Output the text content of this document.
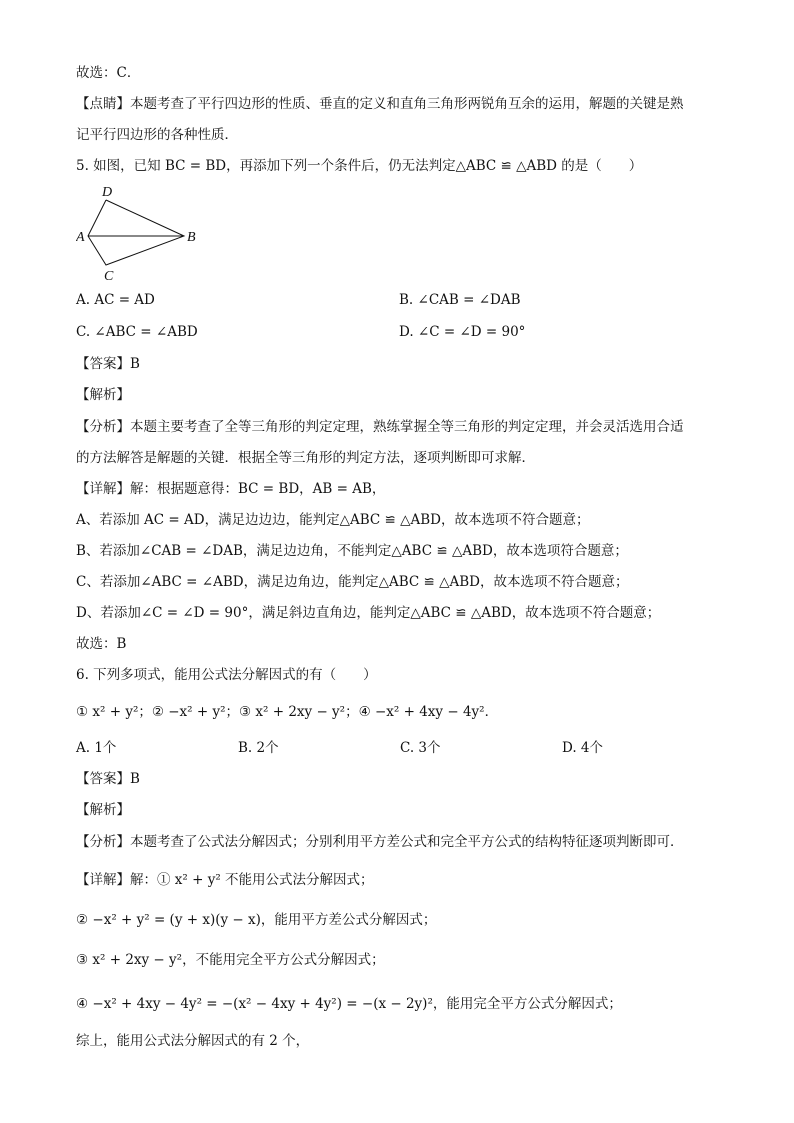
故选：C．
【点睛】本题考查了平行四边形的性质、垂直的定义和直角三角形两锐角互余的运用，解题的关键是熟
记平行四边形的各种性质．
5. 如图，已知 BC = BD，再添加下列一个条件后，仍无法判定△ABC ≌ △ABD 的是（　　）
D
A	B
C
A. AC = AD	B. ∠CAB = ∠DAB
C. ∠ABC = ∠ABD	D. ∠C = ∠D = 90°
【答案】B
【解析】
【分析】本题主要考查了全等三角形的判定定理，熟练掌握全等三角形的判定定理，并会灵活选用合适
的方法解答是解题的关键．根据全等三角形的判定方法，逐项判断即可求解．
【详解】解：根据题意得：BC = BD，AB = AB，
A、若添加 AC = AD，满足边边边，能判定△ABC ≌ △ABD，故本选项不符合题意；
B、若添加∠CAB = ∠DAB，满足边边角，不能判定△ABC ≌ △ABD，故本选项符合题意；
C、若添加∠ABC = ∠ABD，满足边角边，能判定△ABC ≌ △ABD，故本选项不符合题意；
D、若添加∠C = ∠D = 90°，满足斜边直角边，能判定△ABC ≌ △ABD，故本选项不符合题意；
故选：B
6. 下列多项式，能用公式法分解因式的有（　　）
① x² + y²；② −x² + y²；③ x² + 2xy − y²；④ −x² + 4xy − 4y²．
A. 1个	B. 2个	C. 3个	D. 4个
【答案】B
【解析】
【分析】本题考查了公式法分解因式；分别利用平方差公式和完全平方公式的结构特征逐项判断即可．
【详解】解：① x² + y² 不能用公式法分解因式；
② −x² + y² = (y + x)(y − x)，能用平方差公式分解因式；
③ x² + 2xy − y²，不能用完全平方公式分解因式；
④ −x² + 4xy − 4y² = −(x² − 4xy + 4y²) = −(x − 2y)²，能用完全平方公式分解因式；
综上，能用公式法分解因式的有 2 个，
